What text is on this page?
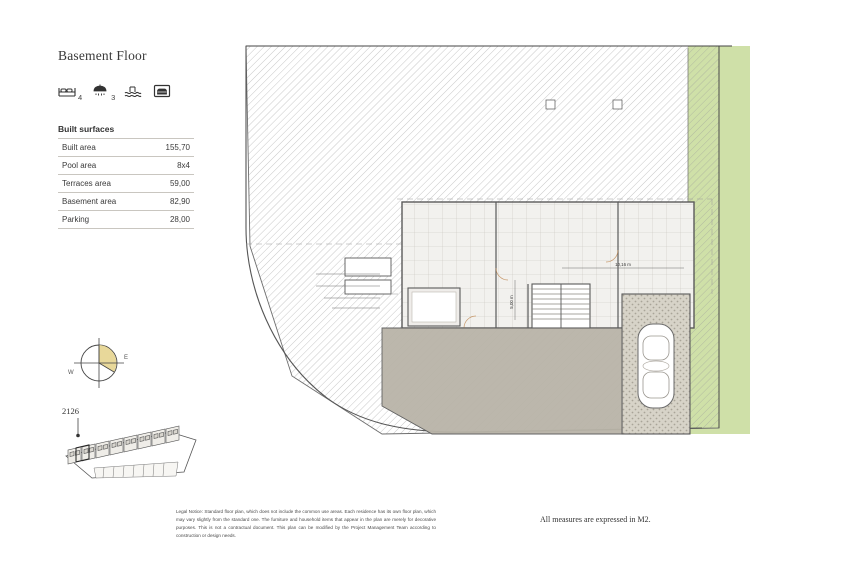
Basement Floor
4	3
Built surfaces
Built area	155,70
Pool area	8x4
Terraces area	59,00
Basement area	82,90
Parking	28,00
E
W
2126
10,16 m
5,00 m
Legal Notice: Standard floor plan, which does not include the common use areas. Each residence has its own floor plan, which may vary slightly from the standard one. The furniture and household items that appear in the plan are merely for decorative purposes. This is not a contractual document. This plan can be modified by the Project Management Team according to construction or design needs.
All measures are expressed in M2.
